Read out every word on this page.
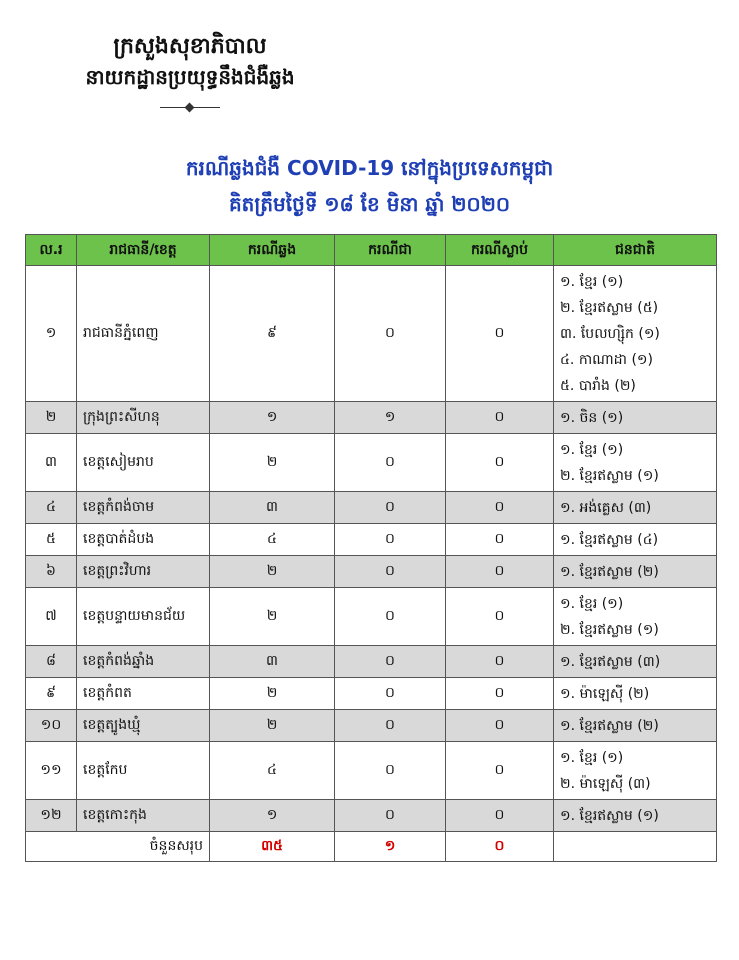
ក្រសួងសុខាភិបាល
នាយកដ្ឋានប្រយុទ្ធនឹងជំងឺឆ្លង
ករណីឆ្លងជំងឺ COVID-19 នៅក្នុងប្រទេសកម្ពុជា
គិតត្រឹមថ្ងៃទី ១៨ ខែ មិនា ឆ្នាំ ២០២០
ល.រ	រាជធានី/ខេត្ត	ករណីឆ្លង	ករណីជា	ករណីស្លាប់	ជនជាតិ
១	រាជធានីភ្នំពេញ	៩	០	០	១. ខ្មែរ (១)
២. ខ្មែរឥស្លាម (៥)
៣. បែលហ្ស៊ិក (១)
៤. កាណាដា (១)
៥. បារាំង (២)

២	ក្រុងព្រះសីហនុ	១	១	០	១. ចិន (១)

៣	ខេត្តសៀមរាប	២	០	០	១. ខ្មែរ (១)
២. ខ្មែរឥស្លាម (១)

៤	ខេត្តកំពង់ចាម	៣	០	០	១. អង់គ្លេស (៣)

៥	ខេត្តបាត់ដំបង	៤	០	០	១. ខ្មែរឥស្លាម (៤)

៦	ខេត្តព្រះវិហារ	២	០	០	១. ខ្មែរឥស្លាម (២)

៧	ខេត្តបន្ទាយមានជ័យ	២	០	០	១. ខ្មែរ (១)
២. ខ្មែរឥស្លាម (១)

៨	ខេត្តកំពង់ឆ្នាំង	៣	០	០	១. ខ្មែរឥស្លាម (៣)

៩	ខេត្តកំពត	២	០	០	១. ម៉ាឡេស៊ី (២)

១០	ខេត្តត្បូងឃ្មុំ	២	០	០	១. ខ្មែរឥស្លាម (២)

១១	ខេត្តកែប	៤	០	០	១. ខ្មែរ (១)
២. ម៉ាឡេស៊ី (៣)

១២	ខេត្តកោះកុង	១	០	០	១. ខ្មែរឥស្លាម (១)

ចំនួនសរុប		៣៥	១	០	
